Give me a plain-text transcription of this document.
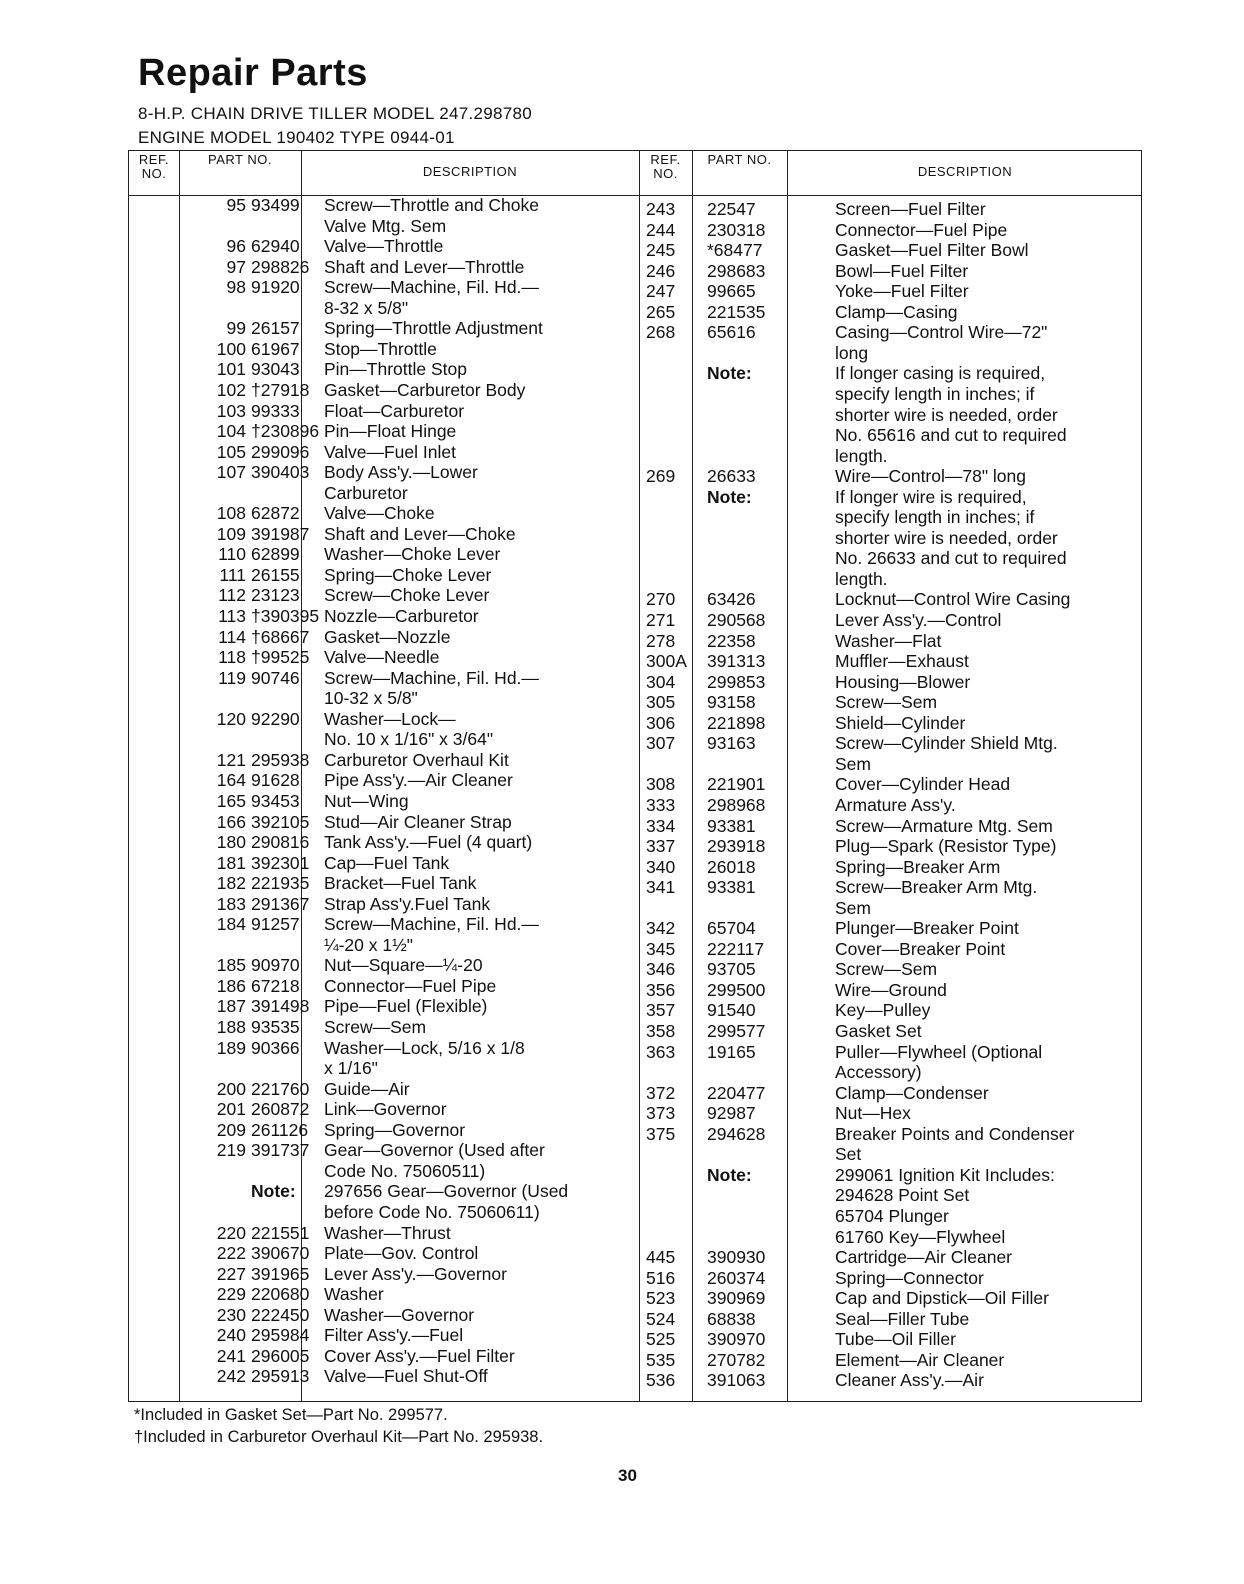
Repair Parts
8-H.P. CHAIN DRIVE TILLER MODEL 247.298780
ENGINE MODEL 190402 TYPE 0944-01
REF. NO.
PART NO.
DESCRIPTION
REF. NO.
PART NO.
DESCRIPTION
95 93499 Screw—Throttle and Choke
Valve Mtg. Sem
96 62940 Valve—Throttle
97 298826 Shaft and Lever—Throttle
98 91920 Screw—Machine, Fil. Hd.—
8-32 x 5/8"
99 26157 Spring—Throttle Adjustment
100 61967 Stop—Throttle
101 93043 Pin—Throttle Stop
102 †27918 Gasket—Carburetor Body
103 99333 Float—Carburetor
104 †230896 Pin—Float Hinge
105 299096 Valve—Fuel Inlet
107 390403 Body Ass'y.—Lower
Carburetor
108 62872 Valve—Choke
109 391987 Shaft and Lever—Choke
110 62899 Washer—Choke Lever
111 26155 Spring—Choke Lever
112 23123 Screw—Choke Lever
113 †390395 Nozzle—Carburetor
114 †68667 Gasket—Nozzle
118 †99525 Valve—Needle
119 90746 Screw—Machine, Fil. Hd.—
10-32 x 5/8"
120 92290 Washer—Lock—
No. 10 x 1/16" x 3/64"
121 295938 Carburetor Overhaul Kit
164 91628 Pipe Ass'y.—Air Cleaner
165 93453 Nut—Wing
166 392105 Stud—Air Cleaner Strap
180 290816 Tank Ass'y.—Fuel (4 quart)
181 392301 Cap—Fuel Tank
182 221935 Bracket—Fuel Tank
183 291367 Strap Ass'y.Fuel Tank
184 91257 Screw—Machine, Fil. Hd.—
¼-20 x 1½"
185 90970 Nut—Square—¼-20
186 67218 Connector—Fuel Pipe
187 391498 Pipe—Fuel (Flexible)
188 93535 Screw—Sem
189 90366 Washer—Lock, 5/16 x 1/8
x 1/16"
200 221760 Guide—Air
201 260872 Link—Governor
209 261126 Spring—Governor
219 391737 Gear—Governor (Used after
Code No. 75060511)
Note: 297656 Gear—Governor (Used
before Code No. 75060611)
220 221551 Washer—Thrust
222 390670 Plate—Gov. Control
227 391965 Lever Ass'y.—Governor
229 220680 Washer
230 222450 Washer—Governor
240 295984 Filter Ass'y.—Fuel
241 296005 Cover Ass'y.—Fuel Filter
242 295913 Valve—Fuel Shut-Off
243 22547	Screen—Fuel Filter
244 230318	Connector—Fuel Pipe
245 *68477	Gasket—Fuel Filter Bowl
246 298683	Bowl—Fuel Filter
247 99665	Yoke—Fuel Filter
265 221535	Clamp—Casing
268 65616	Casing—Control Wire—72"
long
Note:	If longer casing is required,
specify length in inches; if
shorter wire is needed, order
No. 65616 and cut to required
length.
269 26633	Wire—Control—78" long
Note:	If longer wire is required,
specify length in inches; if
shorter wire is needed, order
No. 26633 and cut to required
length.
270 63426	Locknut—Control Wire Casing
271 290568	Lever Ass'y.—Control
278 22358	Washer—Flat
300A 391313	Muffler—Exhaust
304 299853	Housing—Blower
305 93158	Screw—Sem
306 221898	Shield—Cylinder
307 93163	Screw—Cylinder Shield Mtg.
Sem
308 221901	Cover—Cylinder Head
333 298968	Armature Ass'y.
334 93381	Screw—Armature Mtg. Sem
337 293918	Plug—Spark (Resistor Type)
340 26018	Spring—Breaker Arm
341 93381	Screw—Breaker Arm Mtg.
Sem
342 65704	Plunger—Breaker Point
345 222117	Cover—Breaker Point
346 93705	Screw—Sem
356 299500	Wire—Ground
357 91540	Key—Pulley
358 299577	Gasket Set
363 19165	Puller—Flywheel (Optional
Accessory)
372 220477	Clamp—Condenser
373 92987	Nut—Hex
375 294628	Breaker Points and Condenser
Set
Note:	299061 Ignition Kit Includes:
294628 Point Set
65704 Plunger
61760 Key—Flywheel
445 390930	Cartridge—Air Cleaner
516 260374	Spring—Connector
523 390969	Cap and Dipstick—Oil Filler
524 68838	Seal—Filler Tube
525 390970	Tube—Oil Filler
535 270782	Element—Air Cleaner
536 391063	Cleaner Ass'y.—Air
*Included in Gasket Set—Part No. 299577.
†Included in Carburetor Overhaul Kit—Part No. 295938.
30
